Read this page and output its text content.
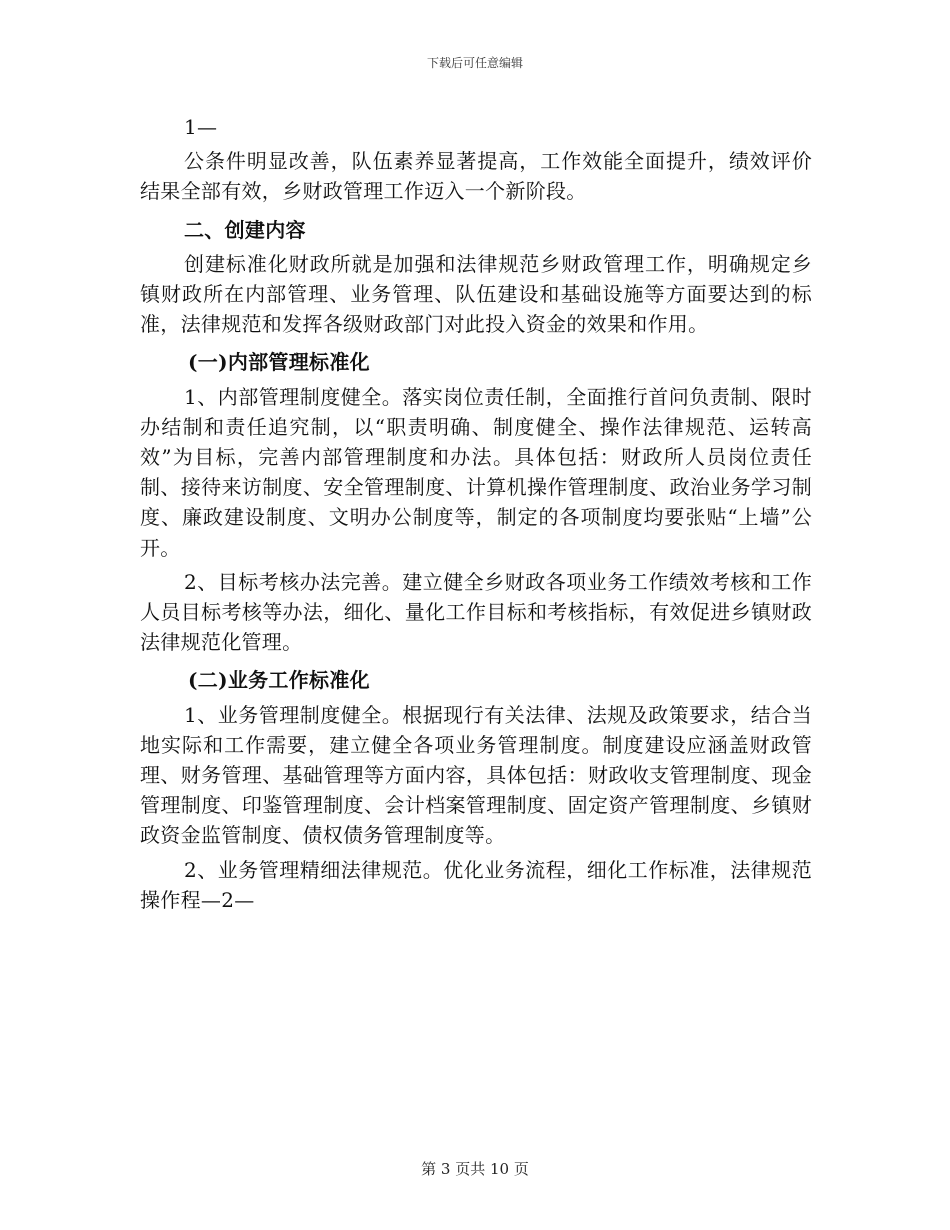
下载后可任意编辑

1—

公条件明显改善，队伍素养显著提高，工作效能全面提升，绩效评价结果全部有效，乡财政管理工作迈入一个新阶段。

二、创建内容

创建标准化财政所就是加强和法律规范乡财政管理工作，明确规定乡镇财政所在内部管理、业务管理、队伍建设和基础设施等方面要达到的标准，法律规范和发挥各级财政部门对此投入资金的效果和作用。

(一)内部管理标准化

1、内部管理制度健全。落实岗位责任制，全面推行首问负责制、限时办结制和责任追究制，以“职责明确、制度健全、操作法律规范、运转高效”为目标，完善内部管理制度和办法。具体包括：财政所人员岗位责任制、接待来访制度、安全管理制度、计算机操作管理制度、政治业务学习制度、廉政建设制度、文明办公制度等，制定的各项制度均要张贴“上墙”公开。

2、目标考核办法完善。建立健全乡财政各项业务工作绩效考核和工作人员目标考核等办法，细化、量化工作目标和考核指标，有效促进乡镇财政法律规范化管理。

(二)业务工作标准化

1、业务管理制度健全。根据现行有关法律、法规及政策要求，结合当地实际和工作需要，建立健全各项业务管理制度。制度建设应涵盖财政管理、财务管理、基础管理等方面内容，具体包括：财政收支管理制度、现金管理制度、印鉴管理制度、会计档案管理制度、固定资产管理制度、乡镇财政资金监管制度、债权债务管理制度等。

2、业务管理精细法律规范。优化业务流程，细化工作标准，法律规范操作程—2—

第 3 页共 10 页
